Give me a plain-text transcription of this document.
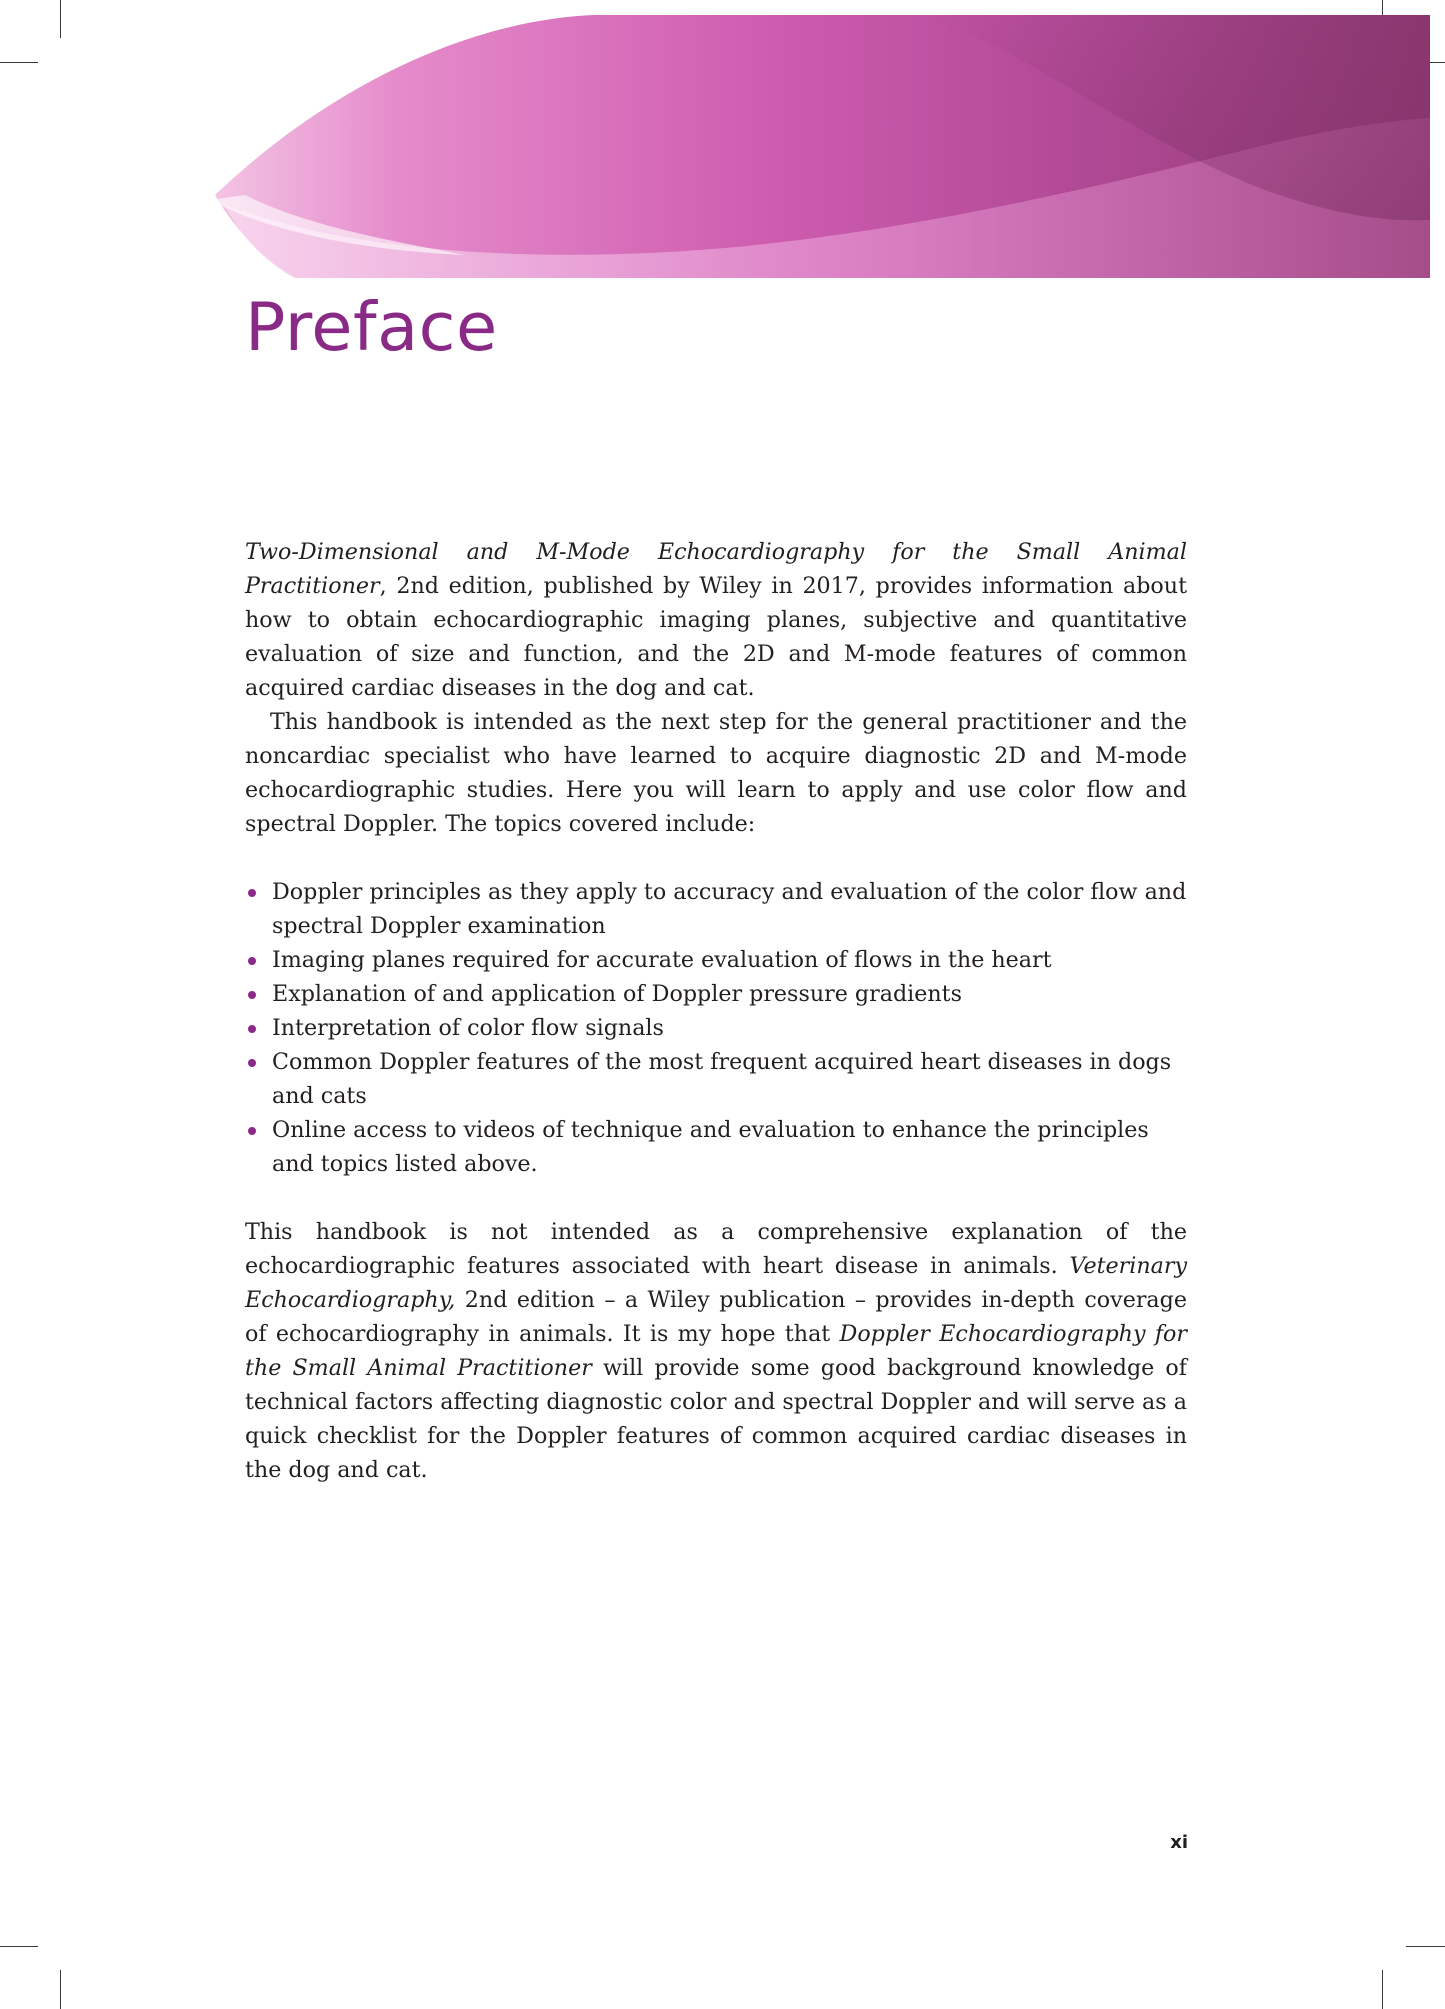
Preface

Two-Dimensional and M-Mode Echocardiography for the Small Animal Practitioner, 2nd edition, published by Wiley in 2017, provides information about how to obtain echocardiographic imaging planes, subjective and quantitative evaluation of size and function, and the 2D and M-mode features of common acquired cardiac diseases in the dog and cat.

This handbook is intended as the next step for the general practitioner and the noncardiac specialist who have learned to acquire diagnostic 2D and M-mode echocardiographic studies. Here you will learn to apply and use color flow and spectral Doppler. The topics covered include:

Doppler principles as they apply to accuracy and evaluation of the color flow and spectral Doppler examination
Imaging planes required for accurate evaluation of flows in the heart
Explanation of and application of Doppler pressure gradients
Interpretation of color flow signals
Common Doppler features of the most frequent acquired heart diseases in dogs and cats
Online access to videos of technique and evaluation to enhance the principles and topics listed above.

This handbook is not intended as a comprehensive explanation of the echocardiographic features associated with heart disease in animals. Veterinary Echocardiography, 2nd edition – a Wiley publication – provides in-depth coverage of echocardiography in animals. It is my hope that Doppler Echocardiography for the Small Animal Practitioner will provide some good background knowledge of technical factors affecting diagnostic color and spectral Doppler and will serve as a quick checklist for the Doppler features of common acquired cardiac diseases in the dog and cat.

xi
